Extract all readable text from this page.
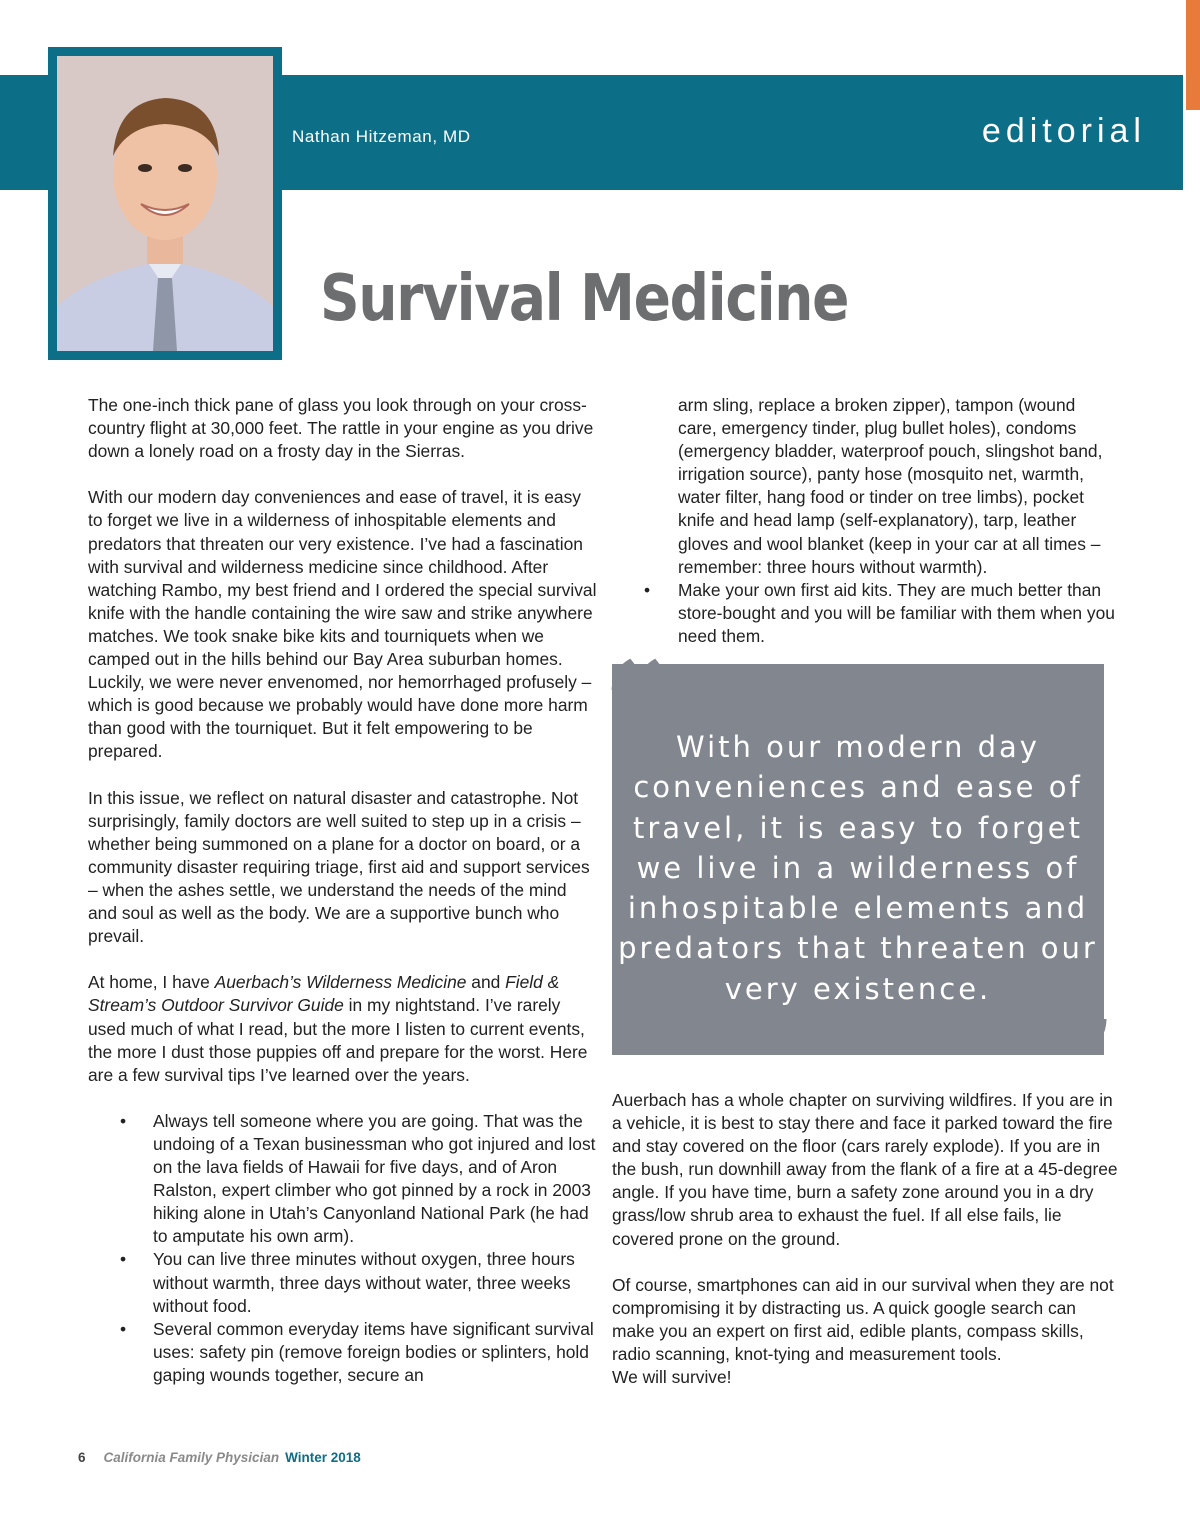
Nathan Hitzeman, MD	editorial
Survival Medicine

The one-inch thick pane of glass you look through on your cross-country flight at 30,000 feet. The rattle in your engine as you drive down a lonely road on a frosty day in the Sierras.

With our modern day conveniences and ease of travel, it is easy to forget we live in a wilderness of inhospitable elements and predators that threaten our very existence. I’ve had a fascination with survival and wilderness medicine since childhood. After watching Rambo, my best friend and I ordered the special survival knife with the handle containing the wire saw and strike anywhere matches. We took snake bike kits and tourniquets when we camped out in the hills behind our Bay Area suburban homes. Luckily, we were never envenomed, nor hemorrhaged profusely – which is good because we probably would have done more harm than good with the tourniquet. But it felt empowering to be prepared.

In this issue, we reflect on natural disaster and catastrophe. Not surprisingly, family doctors are well suited to step up in a crisis – whether being summoned on a plane for a doctor on board, or a community disaster requiring triage, first aid and support services – when the ashes settle, we understand the needs of the mind and soul as well as the body. We are a supportive bunch who prevail.

At home, I have Auerbach’s Wilderness Medicine and Field & Stream’s Outdoor Survivor Guide in my nightstand. I’ve rarely used much of what I read, but the more I listen to current events, the more I dust those puppies off and prepare for the worst. Here are a few survival tips I’ve learned over the years.

• Always tell someone where you are going. That was the undoing of a Texan businessman who got injured and lost on the lava fields of Hawaii for five days, and of Aron Ralston, expert climber who got pinned by a rock in 2003 hiking alone in Utah’s Canyonland National Park (he had to amputate his own arm).
• You can live three minutes without oxygen, three hours without warmth, three days without water, three weeks without food.
• Several common everyday items have significant survival uses: safety pin (remove foreign bodies or splinters, hold gaping wounds together, secure an

arm sling, replace a broken zipper), tampon (wound care, emergency tinder, plug bullet holes), condoms (emergency bladder, waterproof pouch, slingshot band, irrigation source), panty hose (mosquito net, warmth, water filter, hang food or tinder on tree limbs), pocket knife and head lamp (self-explanatory), tarp, leather gloves and wool blanket (keep in your car at all times – remember: three hours without warmth).

• Make your own first aid kits. They are much better than store-bought and you will be familiar with them when you need them.
With our modern day conveniences and ease of travel, it is easy to forget we live in a wilderness of inhospitable elements and predators that threaten our very existence.
“
”

Auerbach has a whole chapter on surviving wildfires. If you are in a vehicle, it is best to stay there and face it parked toward the fire and stay covered on the floor (cars rarely explode). If you are in the bush, run downhill away from the flank of a fire at a 45-degree angle. If you have time, burn a safety zone around you in a dry grass/low shrub area to exhaust the fuel. If all else fails, lie covered prone on the ground.

Of course, smartphones can aid in our survival when they are not compromising it by distracting us. A quick google search can make you an expert on first aid, edible plants, compass skills, radio scanning, knot-tying and measurement tools.

We will survive!

6 California Family Physician Winter 2018
